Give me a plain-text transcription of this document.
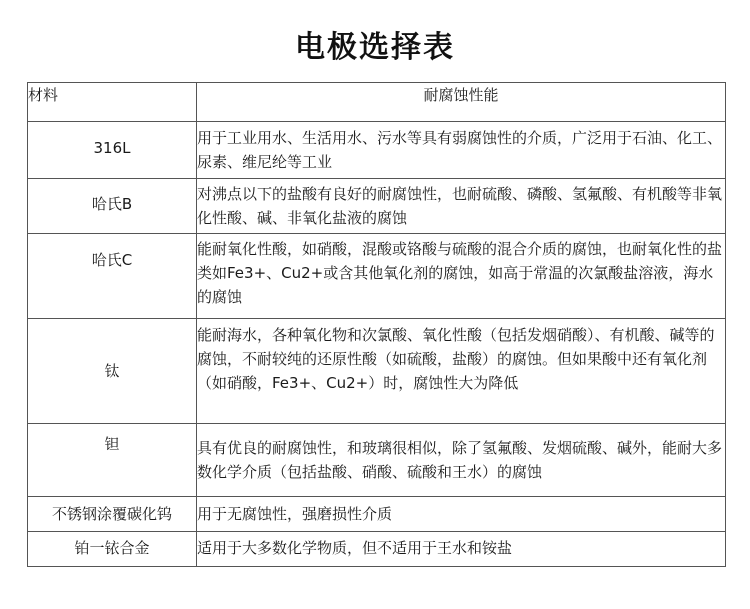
电极选择表
材料	耐腐蚀性能
316L	用于工业用水、生活用水、污水等具有弱腐蚀性的介质，广泛用于石油、化工、尿素、维尼纶等工业

哈氏B	对沸点以下的盐酸有良好的耐腐蚀性，也耐硫酸、磷酸、氢氟酸、有机酸等非氧化性酸、碱、非氧化盐液的腐蚀

哈氏C	能耐氧化性酸，如硝酸，混酸或铬酸与硫酸的混合介质的腐蚀，也耐氧化性的盐类如Fe3+、Cu2+或含其他氧化剂的腐蚀，如高于常温的次氯酸盐溶液，海水的腐蚀

钛	能耐海水，各种氧化物和次氯酸、氧化性酸（包括发烟硝酸）、有机酸、碱等的腐蚀，不耐较纯的还原性酸（如硫酸，盐酸）的腐蚀。但如果酸中还有氧化剂（如硝酸，Fe3+、Cu2+）时，腐蚀性大为降低

钽	具有优良的耐腐蚀性，和玻璃很相似，除了氢氟酸、发烟硫酸、碱外，能耐大多数化学介质（包括盐酸、硝酸、硫酸和王水）的腐蚀

不锈钢涂覆碳化钨	用于无腐蚀性，强磨损性介质

铂一铱合金	适用于大多数化学物质，但不适用于王水和铵盐
